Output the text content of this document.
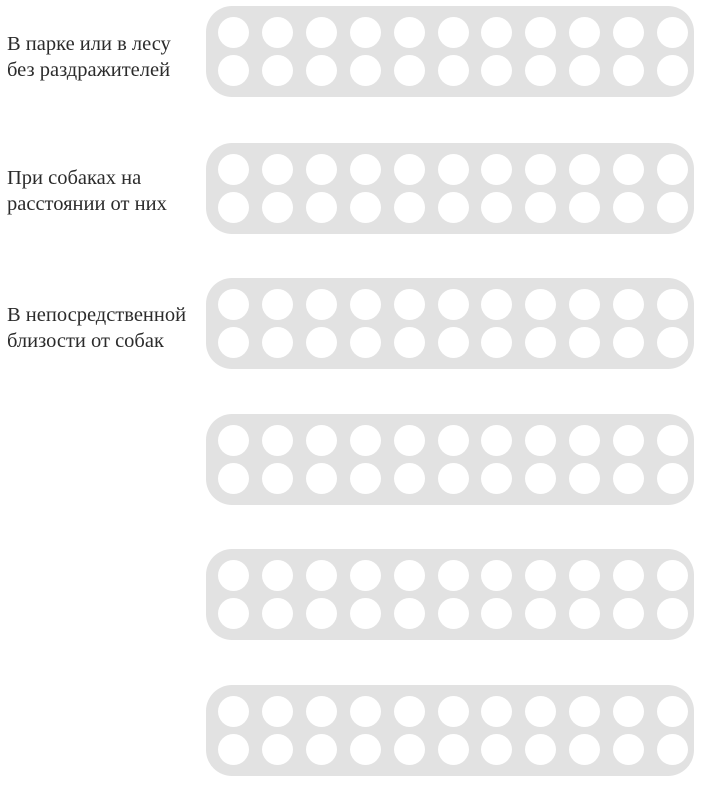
В парке или в лесу
без раздражителей
При собаках на
расстоянии от них
В непосредственной
близости от собак
